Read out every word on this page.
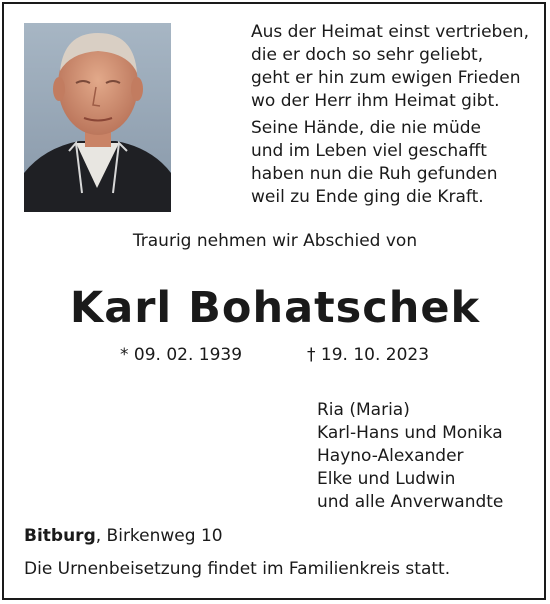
Aus der Heimat einst vertrieben,
die er doch so sehr geliebt,
geht er hin zum ewigen Frieden
wo der Herr ihm Heimat gibt.
Seine Hände, die nie müde
und im Leben viel geschafft
haben nun die Ruh gefunden
weil zu Ende ging die Kraft.
Traurig nehmen wir Abschied von
Karl Bohatschek
* 09. 02. 1939	† 19. 10. 2023
Ria (Maria)
Karl-Hans und Monika
Hayno-Alexander
Elke und Ludwin
und alle Anverwandte
Bitburg, Birkenweg 10
Die Urnenbeisetzung findet im Familienkreis statt.
